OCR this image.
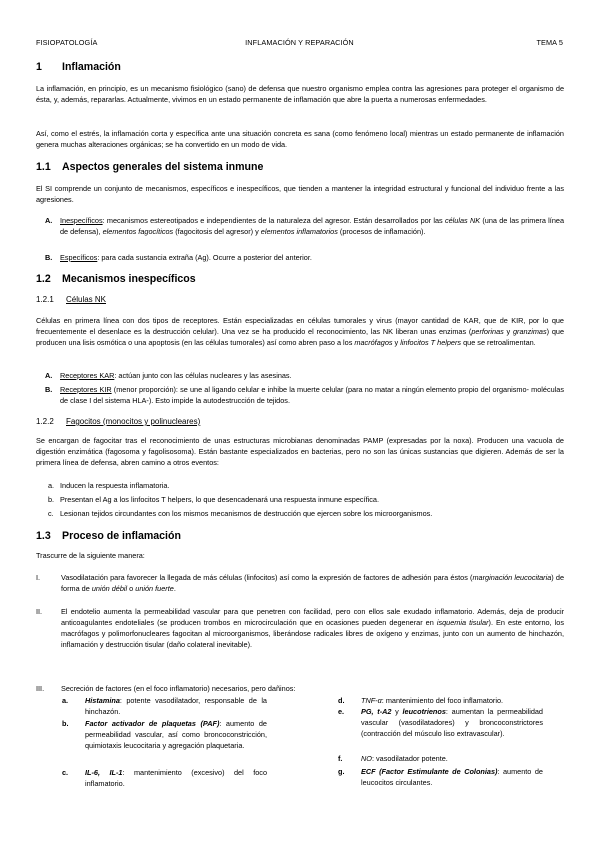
FISIOPATOLOGÍA	INFLAMACIÓN Y REPARACIÓN	TEMA 5
1 Inflamación
La inflamación, en principio, es un mecanismo fisiológico (sano) de defensa que nuestro organismo emplea contra las agresiones para proteger el organismo de ésta, y, además, repararlas. Actualmente, vivimos en un estado permanente de inflamación que abre la puerta a numerosas enfermedades.
Así, como el estrés, la inflamación corta y específica ante una situación concreta es sana (como fenómeno local) mientras un estado permanente de inflamación genera muchas alteraciones orgánicas; se ha convertido en un modo de vida.
1.1 Aspectos generales del sistema inmune
El SI comprende un conjunto de mecanismos, específicos e inespecíficos, que tienden a mantener la integridad estructural y funcional del individuo frente a las agresiones.
A. Inespecíficos: mecanismos estereotipados e independientes de la naturaleza del agresor. Están desarrollados por las células NK (una de las primera línea de defensa), elementos fagocíticos (fagocitosis del agresor) y elementos inflamatorios (procesos de inflamación).
B. Específicos: para cada sustancia extraña (Ag). Ocurre a posterior del anterior.
1.2 Mecanismos inespecíficos
1.2.1 Células NK
Células en primera línea con dos tipos de receptores. Están especializadas en células tumorales y virus (mayor cantidad de KAR, que de KIR, por lo que frecuentemente el desenlace es la destrucción celular). Una vez se ha producido el reconocimiento, las NK liberan unas enzimas (perforinas y granzimas) que producen una lisis osmótica o una apoptosis (en las células tumorales) así como abren paso a los macrófagos y linfocitos T helpers que se retroalimentan.
A. Receptores KAR: actúan junto con las células nucleares y las asesinas.
B. Receptores KIR (menor proporción): se une al ligando celular e inhibe la muerte celular (para no matar a ningún elemento propio del organismo- moléculas de clase I del sistema HLA-). Esto impide la autodestrucción de tejidos.
1.2.2 Fagocitos (monocitos y polinucleares)
Se encargan de fagocitar tras el reconocimiento de unas estructuras microbianas denominadas PAMP (expresadas por la noxa). Producen una vacuola de digestión enzimática (fagosoma y fagolisosoma). Están bastante especializados en bacterias, pero no son las únicas sustancias que digieren. Además de ser la primera línea de defensa, abren camino a otros eventos:
a. Inducen la respuesta inflamatoria.
b. Presentan el Ag a los linfocitos T helpers, lo que desencadenará una respuesta inmune específica.
c. Lesionan tejidos circundantes con los mismos mecanismos de destrucción que ejercen sobre los microorganismos.
1.3 Proceso de inflamación
Trascurre de la siguiente manera:
I.	Vasodilatación para favorecer la llegada de más células (linfocitos) así como la expresión de factores de adhesión para éstos (marginación leucocitaria) de forma de unión débil o unión fuerte.
II.	El endotelio aumenta la permeabilidad vascular para que penetren con facilidad, pero con ellos sale exudado inflamatorio. Además, deja de producir anticoagulantes endoteliales (se producen trombos en microcirculación que en ocasiones pueden degenerar en isquemia tisular). En este entorno, los macrófagos y polimorfonucleares fagocitan al microorganismos, liberándose radicales libres de oxígeno y enzimas, junto con un aumento de hinchazón, inflamación y destrucción tisular (daño colateral inevitable).
III. Secreción de factores (en el foco inflamatorio) necesarios, pero dañinos:
a. Histamina: potente vasodilatador, responsable de la hinchazón.
b. Factor activador de plaquetas (PAF): aumento de permeabilidad vascular, así como broncoconstricción, quimiotaxis leucocitaria y agregación plaquetaria.
c. IL-6, IL-1: mantenimiento (excesivo) del foco inflamatorio.
d. TNF-α: mantenimiento del foco inflamatorio.
e. PG, t-A2 y leucotrienos: aumentan la permeabilidad vascular (vasodilatadores) y broncoconstrictores (contracción del músculo liso extravascular).
f.	NO: vasodilatador potente.
g. ECF (Factor Estimulante de Colonias): aumento de leucocitos circulantes.
